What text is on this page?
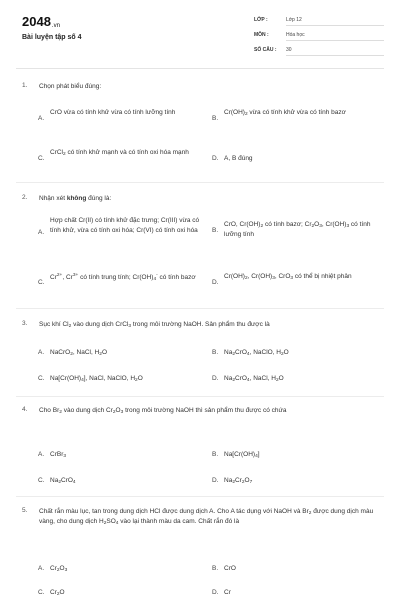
2048.vn
Bài luyện tập số 4
LỚP :	Lớp 12
MÔN :	Hóa học
SỐ CÂU : 30
1. Chọn phát biểu đúng:
A.
CrO vừa có tính khử vừa có tính lưỡng tính
B.
$Cr(OH)_2$ vừa có tính khử vừa có tính bazơ
C.
CrCl$_2$ có tính khử mạnh và có tính oxi hóa mạnh
D. A, B đúng
2. Nhận xét không đúng là:
A.
Hợp chất Cr(II) có tính khử đặc trưng; Cr(III) vừa có tính khử, vừa có tính oxi hóa; Cr(VI) có tính oxi hóa	B.
CrO, $Cr(OH)_2$ có tính bazơ; $Cr_2O_3$, $Cr(OH)_3$ có tính lưỡng tính
C.
$Cr^{2+}$, $Cr^{3+}$ có tính trung tính; $Cr(OH)_4^-$ có tính bazơ
D.
$Cr(OH)_2$, $Cr(OH)_3$, CrO$_3$ có thể bị nhiệt phân
3. Sục khí $Cl_2$ vào dung dịch CrCl$_3$ trong môi trường NaOH. Sản phẩm thu được là
A. NaCrO$_2$, NaCl, $H_2O$	B. $Na_2CrO_4$, NaClO, $H_2O$
C. $Na[Cr(OH)_4]$, NaCl, NaClO, $H_2O$	D. $Na_2CrO_4$, NaCl, $H_2O$
4. Cho $Br_2$ vào dung dịch $Cr_2O_3$ trong môi trường NaOH thì sản phẩm thu được có chứa
A. CrBr$_3$	B. $Na[Cr(OH)_4]$
C. $Na_2CrO_4$	D. $Na_2Cr_2O_7$
5. Chất rắn màu lục, tan trong dung dịch HCl được dung dịch A. Cho A tác dụng với NaOH và $Br_2$ được dung dịch màu vàng, cho dung dịch $H_2SO_4$ vào lại thành màu da cam. Chất rắn đó là
A. $Cr_2O_3$	B. CrO
C. $Cr_2O$	D. Cr
